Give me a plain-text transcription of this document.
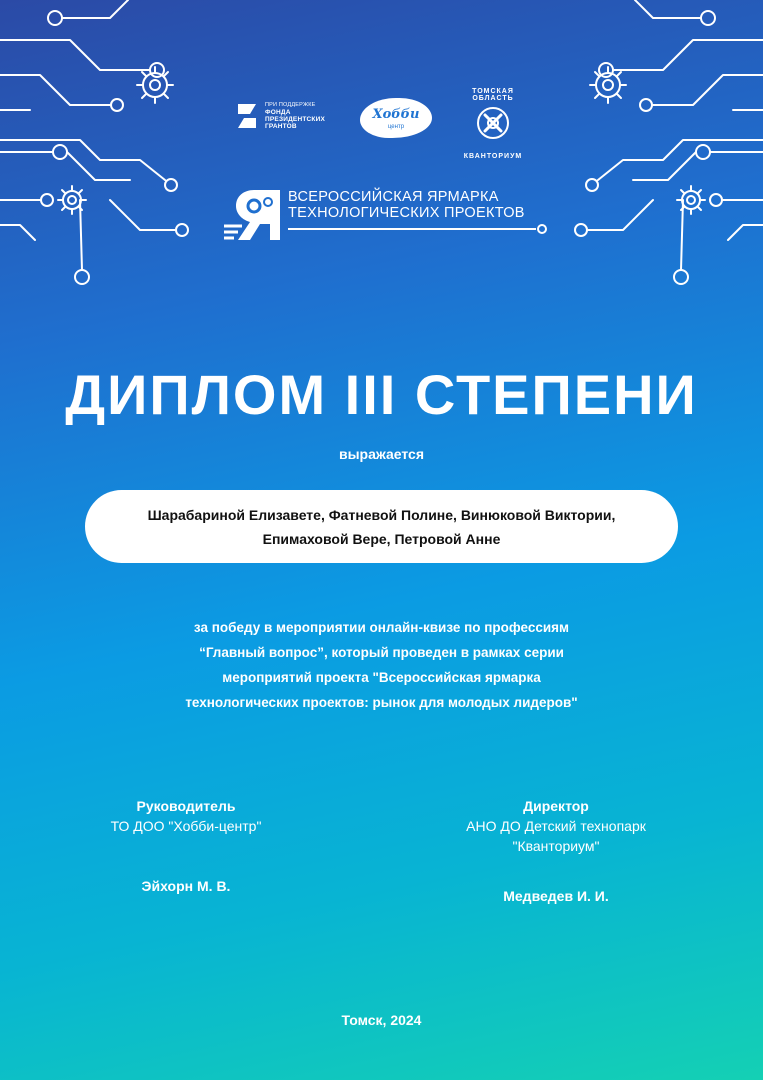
ПРИ ПОДДЕРЖКЕ
ФОНДА
ПРЕЗИДЕНТСКИХ
ГРАНТОВ
Хобби
центр
ТОМСКАЯ ОБЛАСТЬ
КВАНТОРИУМ
ВСЕРОССИЙСКАЯ ЯРМАРКА
ТЕХНОЛОГИЧЕСКИХ ПРОЕКТОВ
ДИПЛОМ III СТЕПЕНИ
выражается
Шарабариной Елизавете, Фатневой Полине, Винюковой Виктории,
Епимаховой Вере, Петровой Анне
за победу в мероприятии онлайн-квизе по профессиям
“Главный вопрос”, который проведен в рамках серии
мероприятий проекта "Всероссийская ярмарка
технологических проектов: рынок для молодых лидеров"
Руководитель
ТО ДОО "Хобби-центр"
Эйхорн М. В.
Директор
АНО ДО Детский технопарк
"Кванториум"
Медведев И. И.
Томск, 2024
